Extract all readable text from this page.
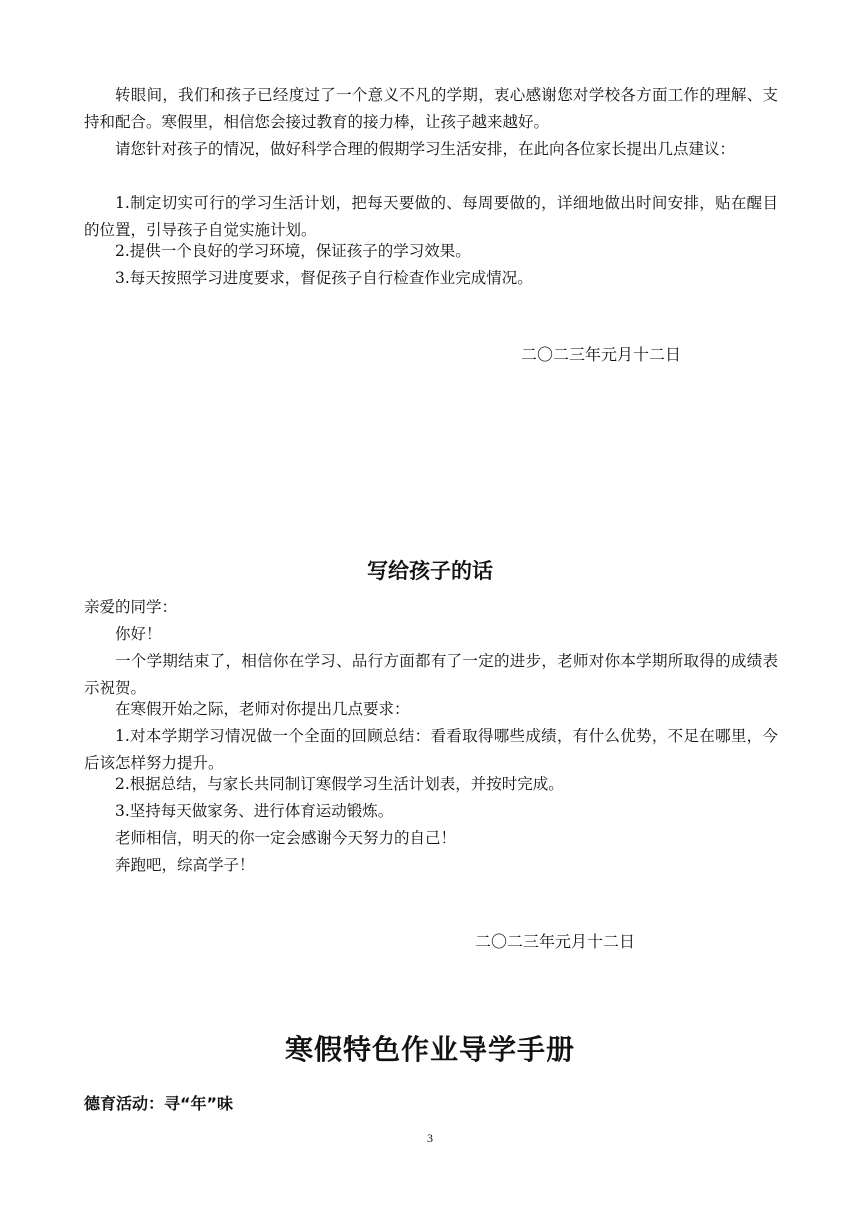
转眼间，我们和孩子已经度过了一个意义不凡的学期，衷心感谢您对学校各方面工作的理解、支持和配合。寒假里，相信您会接过教育的接力棒，让孩子越来越好。

请您针对孩子的情况，做好科学合理的假期学习生活安排，在此向各位家长提出几点建议：

1.制定切实可行的学习生活计划，把每天要做的、每周要做的，详细地做出时间安排，贴在醒目的位置，引导孩子自觉实施计划。

2.提供一个良好的学习环境，保证孩子的学习效果。

3.每天按照学习进度要求，督促孩子自行检查作业完成情况。

二〇二三年元月十二日
写给孩子的话

亲爱的同学：

你好！

一个学期结束了，相信你在学习、品行方面都有了一定的进步，老师对你本学期所取得的成绩表示祝贺。

在寒假开始之际，老师对你提出几点要求：

1.对本学期学习情况做一个全面的回顾总结：看看取得哪些成绩，有什么优势，不足在哪里，今后该怎样努力提升。

2.根据总结，与家长共同制订寒假学习生活计划表，并按时完成。

3.坚持每天做家务、进行体育运动锻炼。

老师相信，明天的你一定会感谢今天努力的自己！

奔跑吧，综高学子！

二〇二三年元月十二日
寒假特色作业导学手册
德育活动：寻“年”味
3
